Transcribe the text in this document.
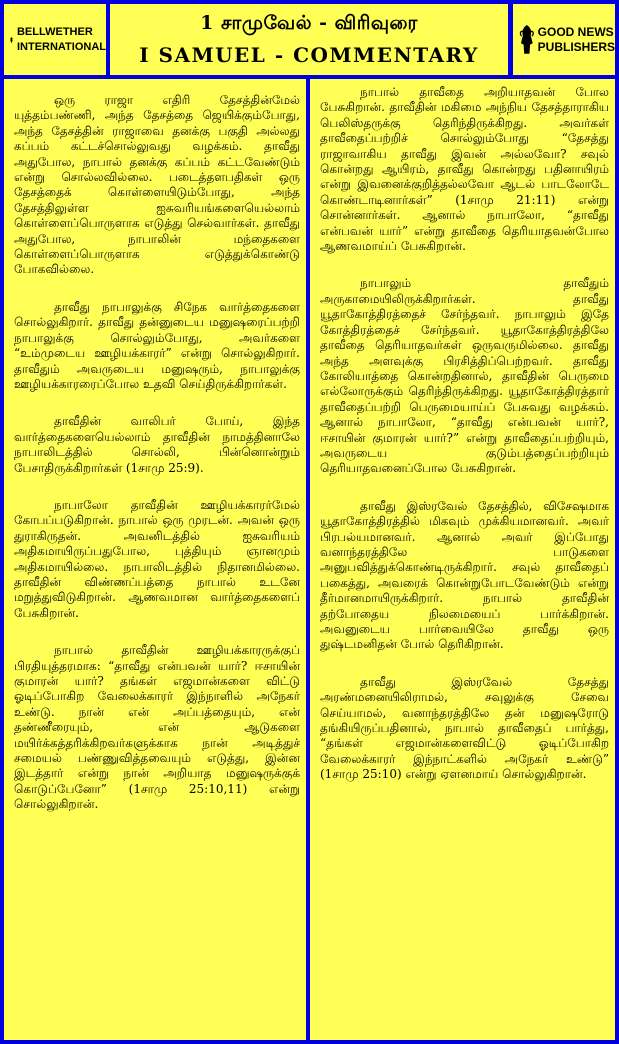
BELLWETHER
INTERNATIONAL
1 சாமுவேல் - விரிவுரை
I SAMUEL - COMMENTARY
GOOD NEWS
PUBLISHERS

ஒரு ராஜா எதிரி தேசத்தின்மேல் யுத்தம்பண்ணி, அந்த தேசத்தை ஜெயிக்கும்போது, அந்த தேசத்தின் ராஜாவை தனக்கு பகுதி அல்லது கப்பம் கட்டச்சொல்லுவது வழக்கம். தாவீது அதுபோல, நாபால் தனக்கு கப்பம் கட்டவேண்டும் என்று சொல்லவில்லை. படைத்தளபதிகள் ஒரு தேசத்தைக் கொள்ளையிடும்போது, அந்த தேசத்திலுள்ள ஐசுவரியங்களையெல்லாம் கொள்ளைப்பொருளாக எடுத்து செல்வார்கள். தாவீது அதுபோல, நாபாலின் மந்தைகளை கொள்ளைப்பொருளாக எடுத்துக்கொண்டு போகவில்லை.

தாவீது நாபாலுக்கு சிநேக வார்த்தைகளை சொல்லுகிறார். தாவீது தன்னுடைய மனுஷரைப்பற்றி நாபாலுக்கு சொல்லும்போது, அவர்களை “உம்முடைய ஊழியக்காரர்” என்று சொல்லுகிறார். தாவீதும் அவருடைய மனுஷரும், நாபாலுக்கு ஊழியக்காரரைப்போல உதவி செய்திருக்கிறார்கள்.

தாவீதின் வாலிபர் போய், இந்த வார்த்தைகளையெல்லாம் தாவீதின் நாமத்தினாலே நாபாலிடத்தில் சொல்லி, பின்னொன்றும் பேசாதிருக்கிறார்கள் (1சாமு 25:9).

நாபாலோ தாவீதின் ஊழியக்காரர்மேல் கோபப்படுகிறான். நாபால் ஒரு முரடன். அவன் ஒரு துராகிருதன். அவனிடத்தில் ஐசுவரியம் அதிகமாயிருப்பதுபோல, புத்தியும் ஞானமும் அதிகமாயில்லை. நாபாலிடத்தில் நிதானமில்லை. தாவீதின் விண்ணப்பத்தை நாபால் உடனே மறுத்துவிடுகிறான். ஆணவமான வார்த்தைகளைப் பேசுகிறான்.

நாபால் தாவீதின் ஊழியக்காரருக்குப் பிரதியுத்தரமாக: “தாவீது என்பவன் யார்? ஈசாயின் குமாரன் யார்? தங்கள் எஜமான்களை விட்டு ஓடிப்போகிற வேலைக்காரர் இந்நாளில் அநேகர் உண்டு. நான் என் அப்பத்தையும், என் தண்ணீரையும், என் ஆடுகளை மயிர்க்கத்தரிக்கிறவர்களுக்காக நான் அடித்துச் சமையல் பண்ணுவித்தவையும் எடுத்து, இன்ன இடத்தார் என்று நான் அறியாத மனுஷருக்குக் கொடுப்பேனோ” (1சாமு 25:10,11) என்று சொல்லுகிறான்.

நாபால் தாவீதை அறியாதவன் போல பேசுகிறான். தாவீதின் மகிமை அந்நிய தேசத்தாராகிய பெலிஸ்தருக்கு தெரிந்திருக்கிறது. அவர்கள் தாவீதைப்பற்றிச் சொல்லும்போது “தேசத்து ராஜாவாகிய தாவீது இவன் அல்லவோ? சவுல் கொன்றது ஆயிரம், தாவீது கொன்றது பதினாயிரம் என்று இவனைக்குறித்தல்லவோ ஆடல் பாடலோடே கொண்டாடினார்கள்” (1சாமு 21:11) என்று சொன்னார்கள். ஆனால் நாபாலோ, “தாவீது என்பவன் யார்” என்று தாவீதை தெரியாதவன்போல ஆணவமாய்ப் பேசுகிறான்.

நாபாலும் தாவீதும் அருகாமையிலிருக்கிறார்கள். தாவீது யூதாகோத்திரத்தைச் சேர்ந்தவர். நாபாலும் இதே கோத்திரத்தைச் சேர்ந்தவர். யூதாகோத்திரத்திலே தாவீதை தெரியாதவர்கள் ஒருவருமில்லை. தாவீது அந்த அளவுக்கு பிரசித்திப்பெற்றவர். தாவீது கோலியாத்தை கொன்றதினால், தாவீதின் பெருமை எல்லோருக்கும் தெரிந்திருக்கிறது. யூதாகோத்திரத்தார் தாவீதைப்பற்றி பெருமையாய்ப் பேசுவது வழக்கம். ஆனால் நாபாலோ, “தாவீது என்பவன் யார்?, ஈசாயின் குமாரன் யார்?” என்று தாவீதைப்பற்றியும், அவருடைய குடும்பத்தைப்பற்றியும் தெரியாதவனைப்போல பேசுகிறான்.

தாவீது இஸ்ரவேல் தேசத்தில், விசேஷமாக யூதாகோத்திரத்தில் மிகவும் முக்கியமானவர். அவர் பிரபல்யமானவர். ஆனால் அவர் இப்போது வனாந்தரத்திலே பாடுகளை அனுபவித்துக்கொண்டிருக்கிறார். சவுல் தாவீதைப் பகைத்து, அவரைக் கொன்றுபோடவேண்டும் என்று தீர்மானமாயிருக்கிறார். நாபால் தாவீதின் தற்போதைய நிலமையைப் பார்க்கிறான். அவனுடைய பார்வையிலே தாவீது ஒரு துஷ்டமனிதன் போல் தெரிகிறான்.

தாவீது இஸ்ரவேல் தேசத்து அரண்மனையிலிராமல், சவுலுக்கு சேவை செய்யாமல், வனாந்தரத்திலே தன் மனுஷரோடு தங்கியிருப்பதினால், நாபால் தாவீதைப் பார்த்து, “தங்கள் எஜமான்களைவிட்டு ஓடிப்போகிற வேலைக்காரர் இந்நாட்களில் அநேகர் உண்டு” (1சாமு 25:10) என்று ஏளனமாய் சொல்லுகிறான்.
